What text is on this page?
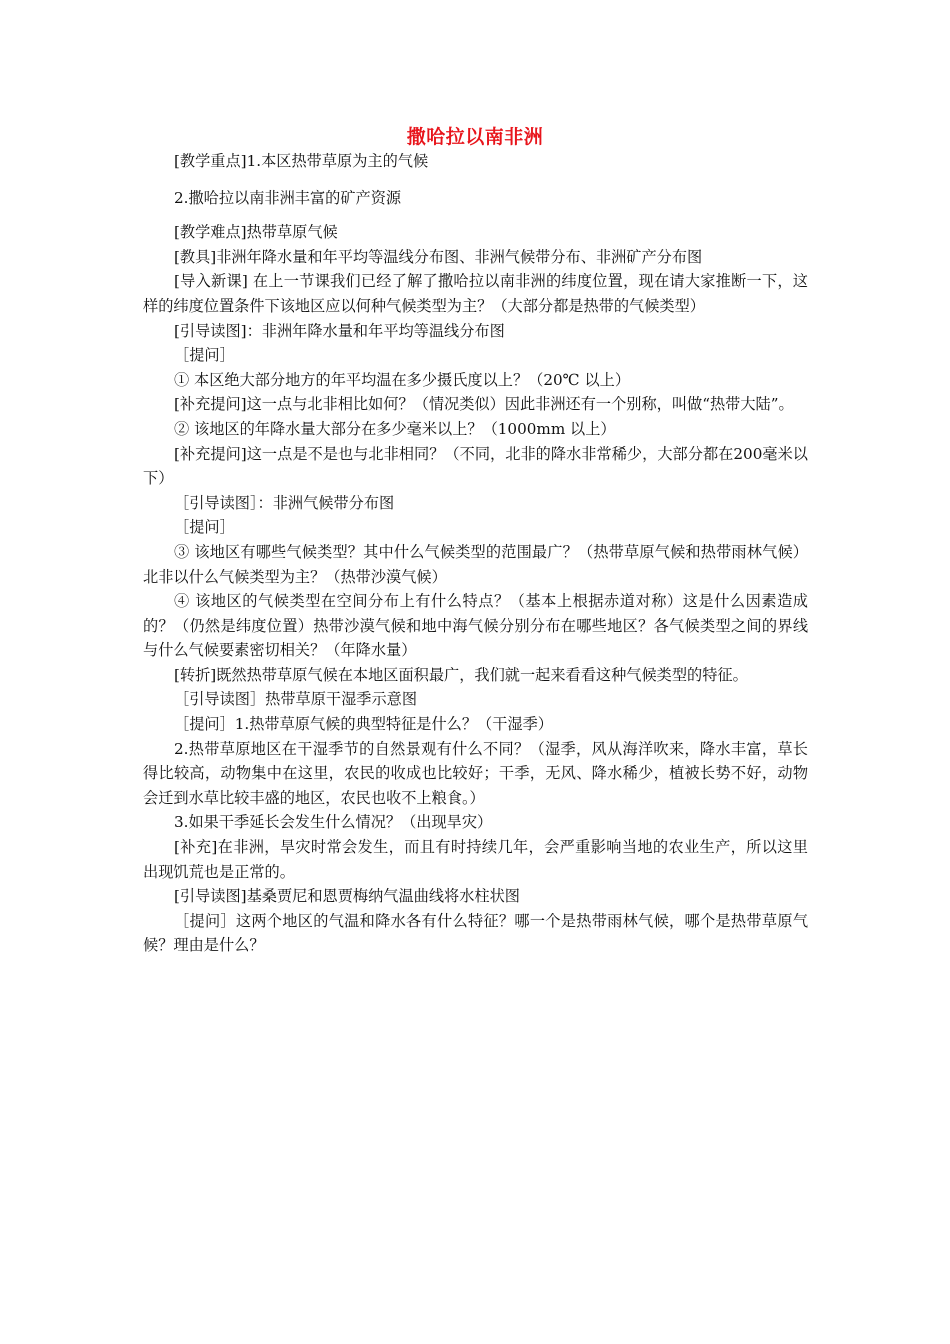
撒哈拉以南非洲

[教学重点]1.本区热带草原为主的气候

2.撒哈拉以南非洲丰富的矿产资源

[教学难点]热带草原气候

[教具]非洲年降水量和年平均等温线分布图、非洲气候带分布、非洲矿产分布图

[导入新课] 在上一节课我们已经了解了撒哈拉以南非洲的纬度位置，现在请大家推断一下，这样的纬度位置条件下该地区应以何种气候类型为主？（大部分都是热带的气候类型）

[引导读图]：非洲年降水量和年平均等温线分布图

［提问］

① 本区绝大部分地方的年平均温在多少摄氏度以上？（20℃ 以上）

[补充提问]这一点与北非相比如何？（情况类似）因此非洲还有一个别称，叫做“热带大陆”。

② 该地区的年降水量大部分在多少毫米以上？（1000mm 以上）

[补充提问]这一点是不是也与北非相同？（不同，北非的降水非常稀少，大部分都在200毫米以下）

［引导读图］：非洲气候带分布图

［提问］

③ 该地区有哪些气候类型？其中什么气候类型的范围最广？（热带草原气候和热带雨林气候）北非以什么气候类型为主？（热带沙漠气候）

④ 该地区的气候类型在空间分布上有什么特点？（基本上根据赤道对称）这是什么因素造成的？（仍然是纬度位置）热带沙漠气候和地中海气候分别分布在哪些地区？各气候类型之间的界线与什么气候要素密切相关？（年降水量）

[转折]既然热带草原气候在本地区面积最广，我们就一起来看看这种气候类型的特征。

［引导读图］热带草原干湿季示意图

［提问］1.热带草原气候的典型特征是什么？（干湿季）

2.热带草原地区在干湿季节的自然景观有什么不同？（湿季，风从海洋吹来，降水丰富，草长得比较高，动物集中在这里，农民的收成也比较好；干季，无风、降水稀少，植被长势不好，动物会迁到水草比较丰盛的地区，农民也收不上粮食。）

3.如果干季延长会发生什么情况？（出现旱灾）

[补充]在非洲，旱灾时常会发生，而且有时持续几年，会严重影响当地的农业生产，所以这里出现饥荒也是正常的。

[引导读图]基桑贾尼和恩贾梅纳气温曲线将水柱状图

［提问］这两个地区的气温和降水各有什么特征？哪一个是热带雨林气候，哪个是热带草原气候？理由是什么？
